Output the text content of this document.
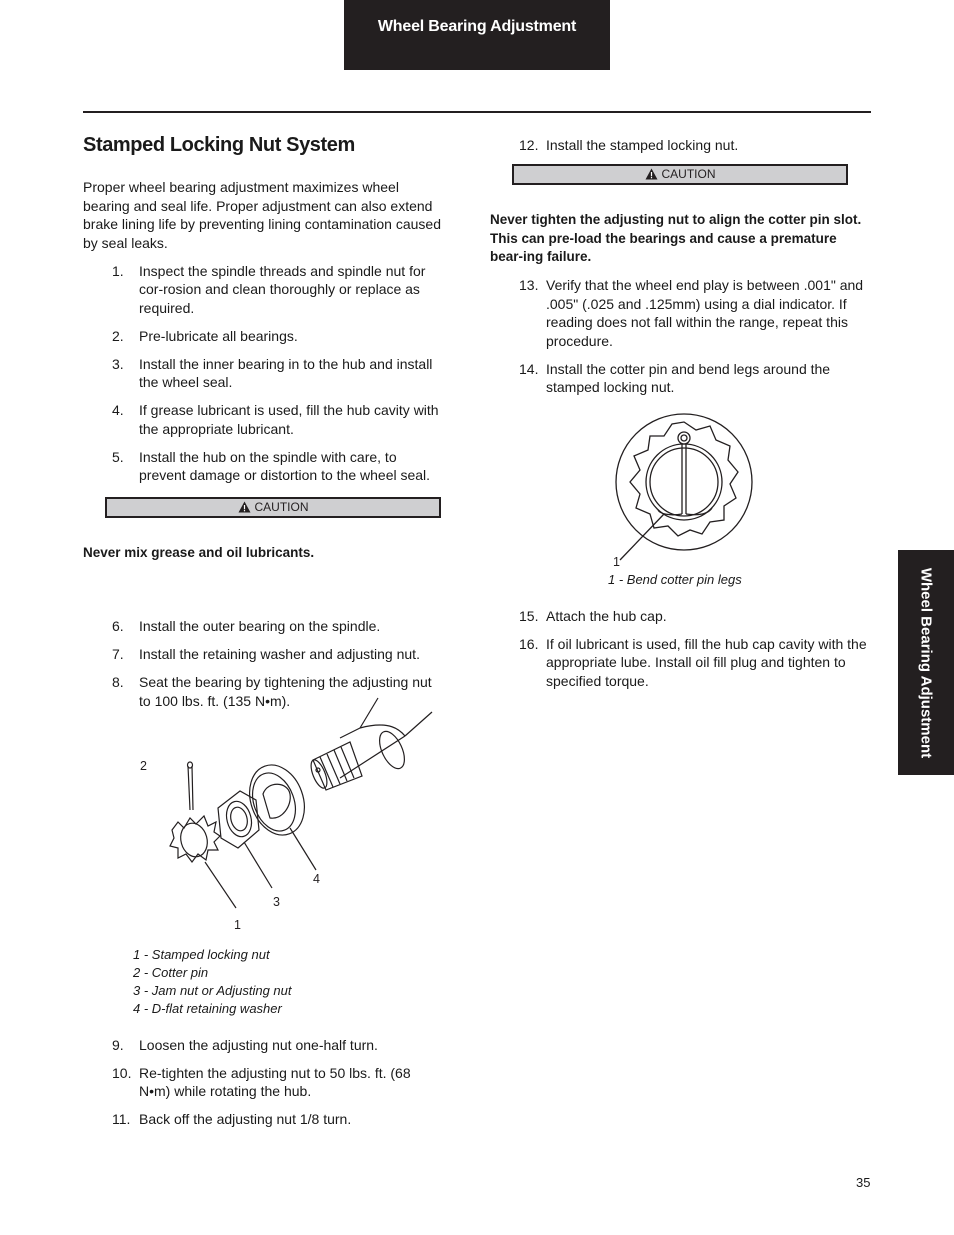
Wheel Bearing Adjustment
Wheel Bearing Adjustment
Stamped Locking Nut System

Proper wheel bearing adjustment maximizes wheel bearing and seal life. Proper adjustment can also extend brake lining life by preventing lining contamination caused by seal leaks.

1. Inspect the spindle threads and spindle nut for cor-rosion and clean thoroughly or replace as required.
2. Pre-lubricate all bearings.
3. Install the inner bearing in to the hub and install the wheel seal.
4. If grease lubricant is used, fill the hub cavity with the appropriate lubricant.
5. Install the hub on the spindle with care, to prevent damage or distortion to the wheel seal.
CAUTION

Never mix grease and oil lubricants.

6. Install the outer bearing on the spindle.
7. Install the retaining washer and adjusting nut.
8. Seat the bearing by tightening the adjusting nut to 100 lbs. ft. (135 N•m).
2
3
4
1
1 - Stamped locking nut
2 - Cotter pin
3 - Jam nut or Adjusting nut
4 - D-flat retaining washer
9. Loosen the adjusting nut one-half turn.
10. Re-tighten the adjusting nut to 50 lbs. ft. (68 N•m) while rotating the hub.
11. Back off the adjusting nut 1/8 turn.
12. Install the stamped locking nut.
CAUTION

Never tighten the adjusting nut to align the cotter pin slot. This can pre-load the bearings and cause a premature bear-ing failure.

13. Verify that the wheel end play is between .001" and .005" (.025 and .125mm) using a dial indicator. If reading does not fall within the range, repeat this procedure.
14. Install the cotter pin and bend legs around the stamped locking nut.
1
1 - Bend cotter pin legs
15. Attach the hub cap.
16. If oil lubricant is used, fill the hub cap cavity with the appropriate lube. Install oil fill plug and tighten to specified torque.
35
